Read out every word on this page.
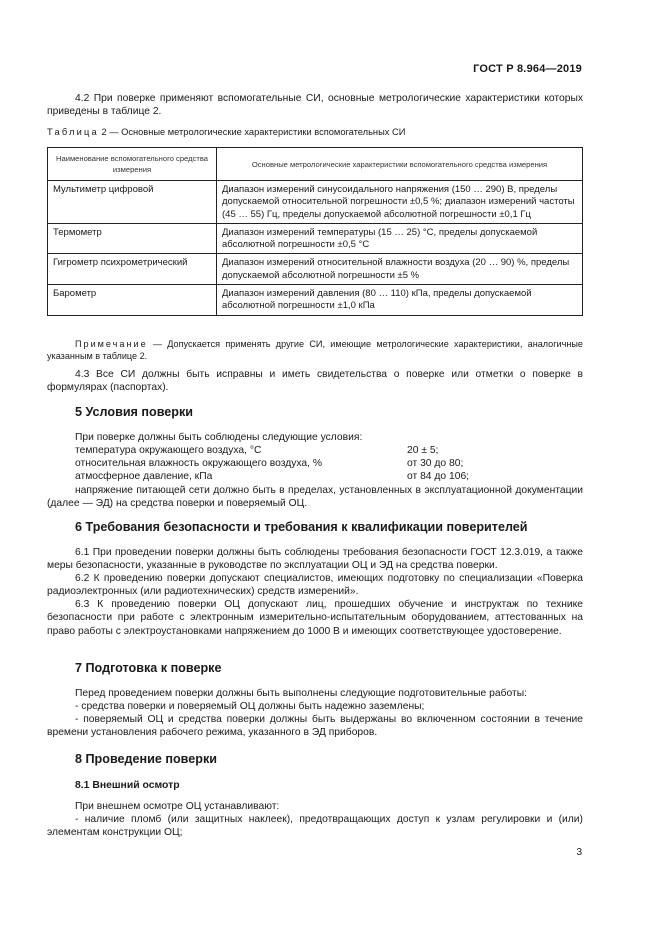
ГОСТ Р 8.964—2019
4.2 При поверке применяют вспомогательные СИ, основные метрологические характеристики которых приведены в таблице 2.
Таблица 2 — Основные метрологические характеристики вспомогательных СИ
Наименование вспомогательного средства измерения	Основные метрологические характеристики вспомогательного средства измерения
Мультиметр цифровой	Диапазон измерений синусоидального напряжения (150 … 290) В, пределы допускаемой относительной погрешности ±0,5 %; диапазон измерений частоты (45 … 55) Гц, пределы допускаемой абсолютной погрешности ±0,1 Гц
Термометр	Диапазон измерений температуры (15 … 25) °C, пределы допускаемой абсолютной погрешности ±0,5 °C
Гигрометр психрометрический	Диапазон измерений относительной влажности воздуха (20 … 90) %, пределы допускаемой абсолютной погрешности ±5 %
Барометр	Диапазон измерений давления (80 … 110) кПа, пределы допускаемой абсолютной погрешности ±1,0 кПа
Примечание — Допускается применять другие СИ, имеющие метрологические характеристики, аналогичные указанным в таблице 2.
4.3 Все СИ должны быть исправны и иметь свидетельства о поверке или отметки о поверке в формулярах (паспортах).
5 Условия поверки
При поверке должны быть соблюдены следующие условия:
температура окружающего воздуха, °C	20 ± 5;
относительная влажность окружающего воздуха, %	от 30 до 80;
атмосферное давление, кПа	от 84 до 106;
напряжение питающей сети должно быть в пределах, установленных в эксплуатационной документации (далее — ЭД) на средства поверки и поверяемый ОЦ.
6 Требования безопасности и требования к квалификации поверителей
6.1 При проведении поверки должны быть соблюдены требования безопасности ГОСТ 12.3.019, а также меры безопасности, указанные в руководстве по эксплуатации ОЦ и ЭД на средства поверки.
6.2 К проведению поверки допускают специалистов, имеющих подготовку по специализации «Поверка радиоэлектронных (или радиотехнических) средств измерений».
6.3 К проведению поверки ОЦ допускают лиц, прошедших обучение и инструктаж по технике безопасности при работе с электронным измерительно-испытательным оборудованием, аттестованных на право работы с электроустановками напряжением до 1000 В и имеющих соответствующее удостоверение.
7 Подготовка к поверке
Перед проведением поверки должны быть выполнены следующие подготовительные работы:
- средства поверки и поверяемый ОЦ должны быть надежно заземлены;
- поверяемый ОЦ и средства поверки должны быть выдержаны во включенном состоянии в течение времени установления рабочего режима, указанного в ЭД приборов.
8 Проведение поверки
8.1 Внешний осмотр
При внешнем осмотре ОЦ устанавливают:
- наличие пломб (или защитных наклеек), предотвращающих доступ к узлам регулировки и (или) элементам конструкции ОЦ;
3
